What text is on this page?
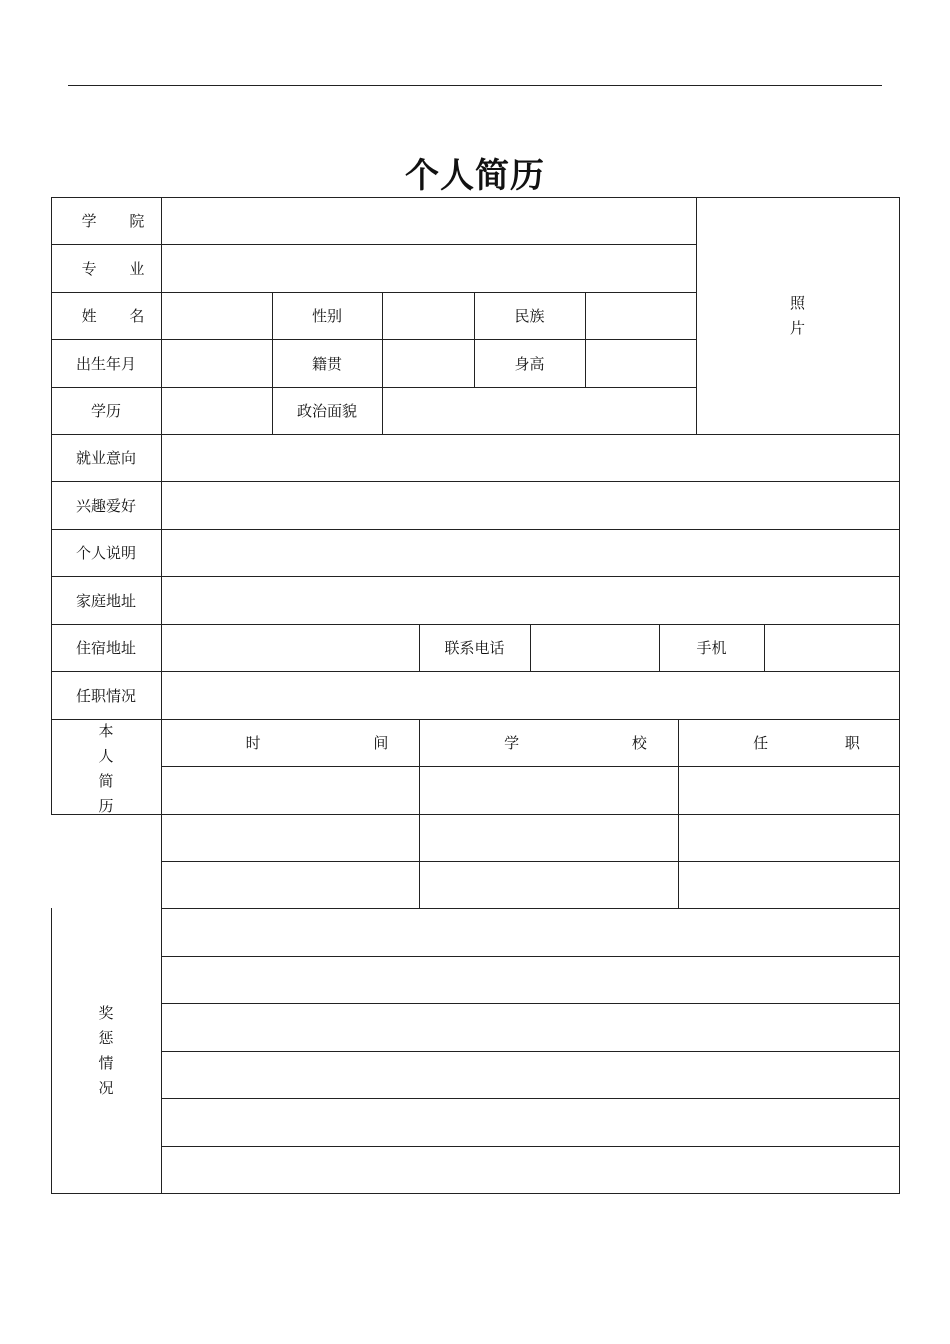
个人简历
学 院
专 业
姓 名	性别	民族
出生年月	籍贯	身高
学历	政治面貌
照
片
就业意向
兴趣爱好
个人说明
家庭地址
住宿地址	联系电话	手机
任职情况
本
人
简
历
时 间	学 校	任 职
奖
惩
情
况
